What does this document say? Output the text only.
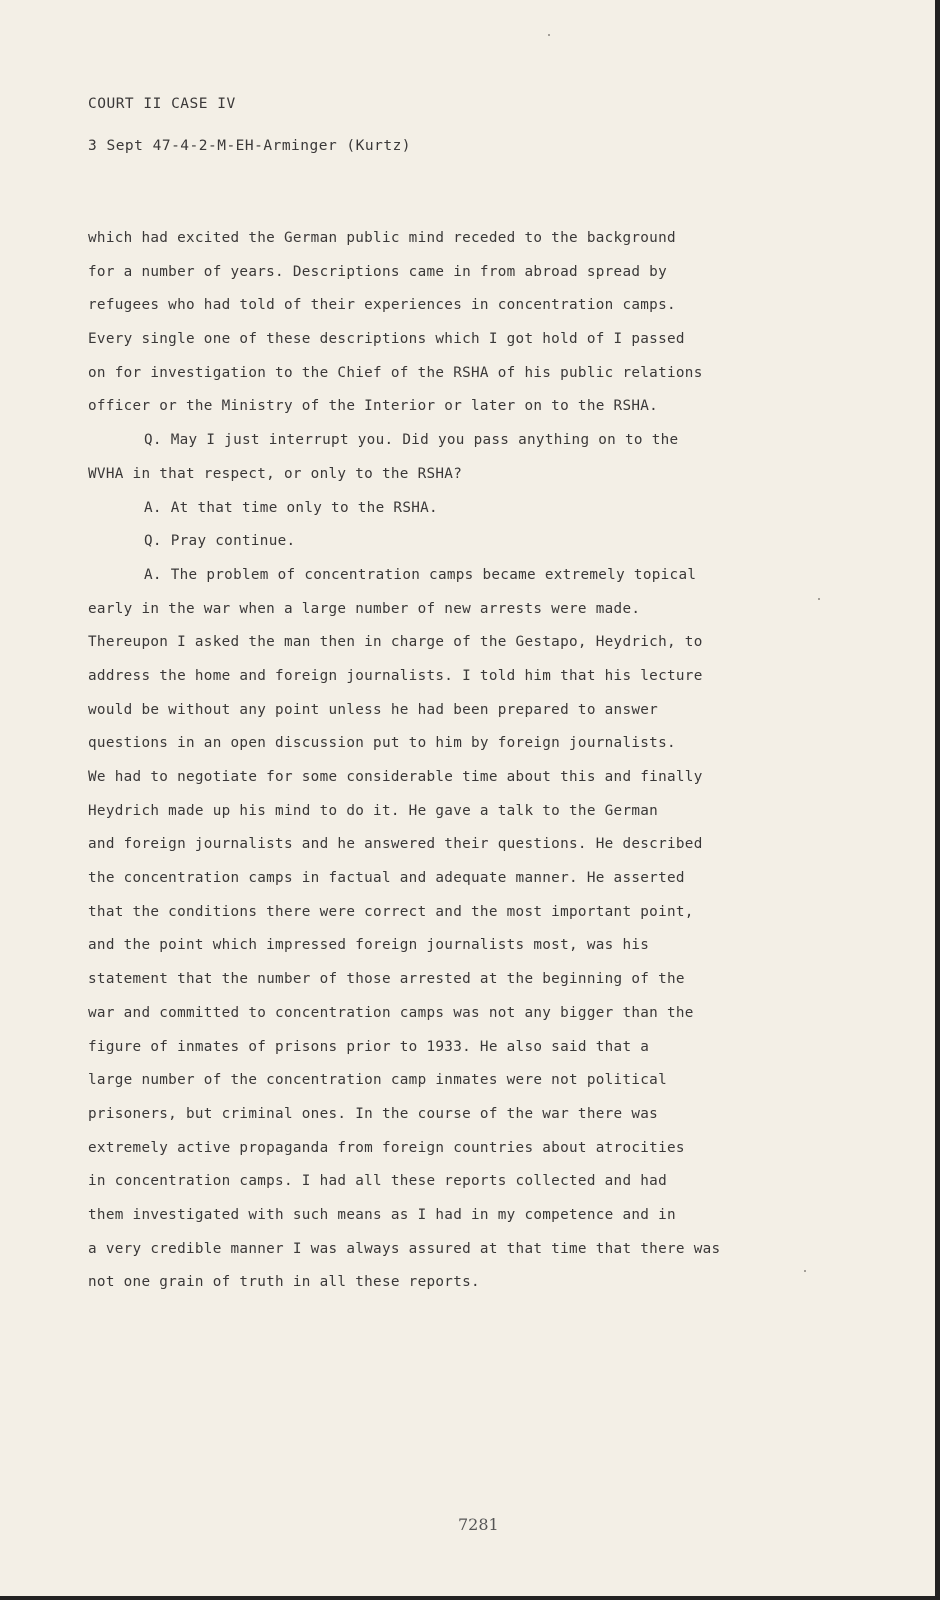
COURT II CASE IV
3 Sept 47-4-2-M-EH-Arminger (Kurtz)
which had excited the German public mind receded to the background
for a number of years. Descriptions came in from abroad spread by
refugees who had told of their experiences in concentration camps.
Every single one of these descriptions which I got hold of I passed
on for investigation to the Chief of the RSHA of his public relations
officer or the Ministry of the Interior or later on to the RSHA.
Q. May I just interrupt you. Did you pass anything on to the
WVHA in that respect, or only to the RSHA?
A. At that time only to the RSHA.
Q. Pray continue.
A. The problem of concentration camps became extremely topical
early in the war when a large number of new arrests were made.
Thereupon I asked the man then in charge of the Gestapo, Heydrich, to
address the home and foreign journalists. I told him that his lecture
would be without any point unless he had been prepared to answer
questions in an open discussion put to him by foreign journalists.
We had to negotiate for some considerable time about this and finally
Heydrich made up his mind to do it. He gave a talk to the German
and foreign journalists and he answered their questions. He described
the concentration camps in factual and adequate manner. He asserted
that the conditions there were correct and the most important point,
and the point which impressed foreign journalists most, was his
statement that the number of those arrested at the beginning of the
war and committed to concentration camps was not any bigger than the
figure of inmates of prisons prior to 1933. He also said that a
large number of the concentration camp inmates were not political
prisoners, but criminal ones. In the course of the war there was
extremely active propaganda from foreign countries about atrocities
in concentration camps. I had all these reports collected and had
them investigated with such means as I had in my competence and in
a very credible manner I was always assured at that time that there was
not one grain of truth in all these reports.
7281
